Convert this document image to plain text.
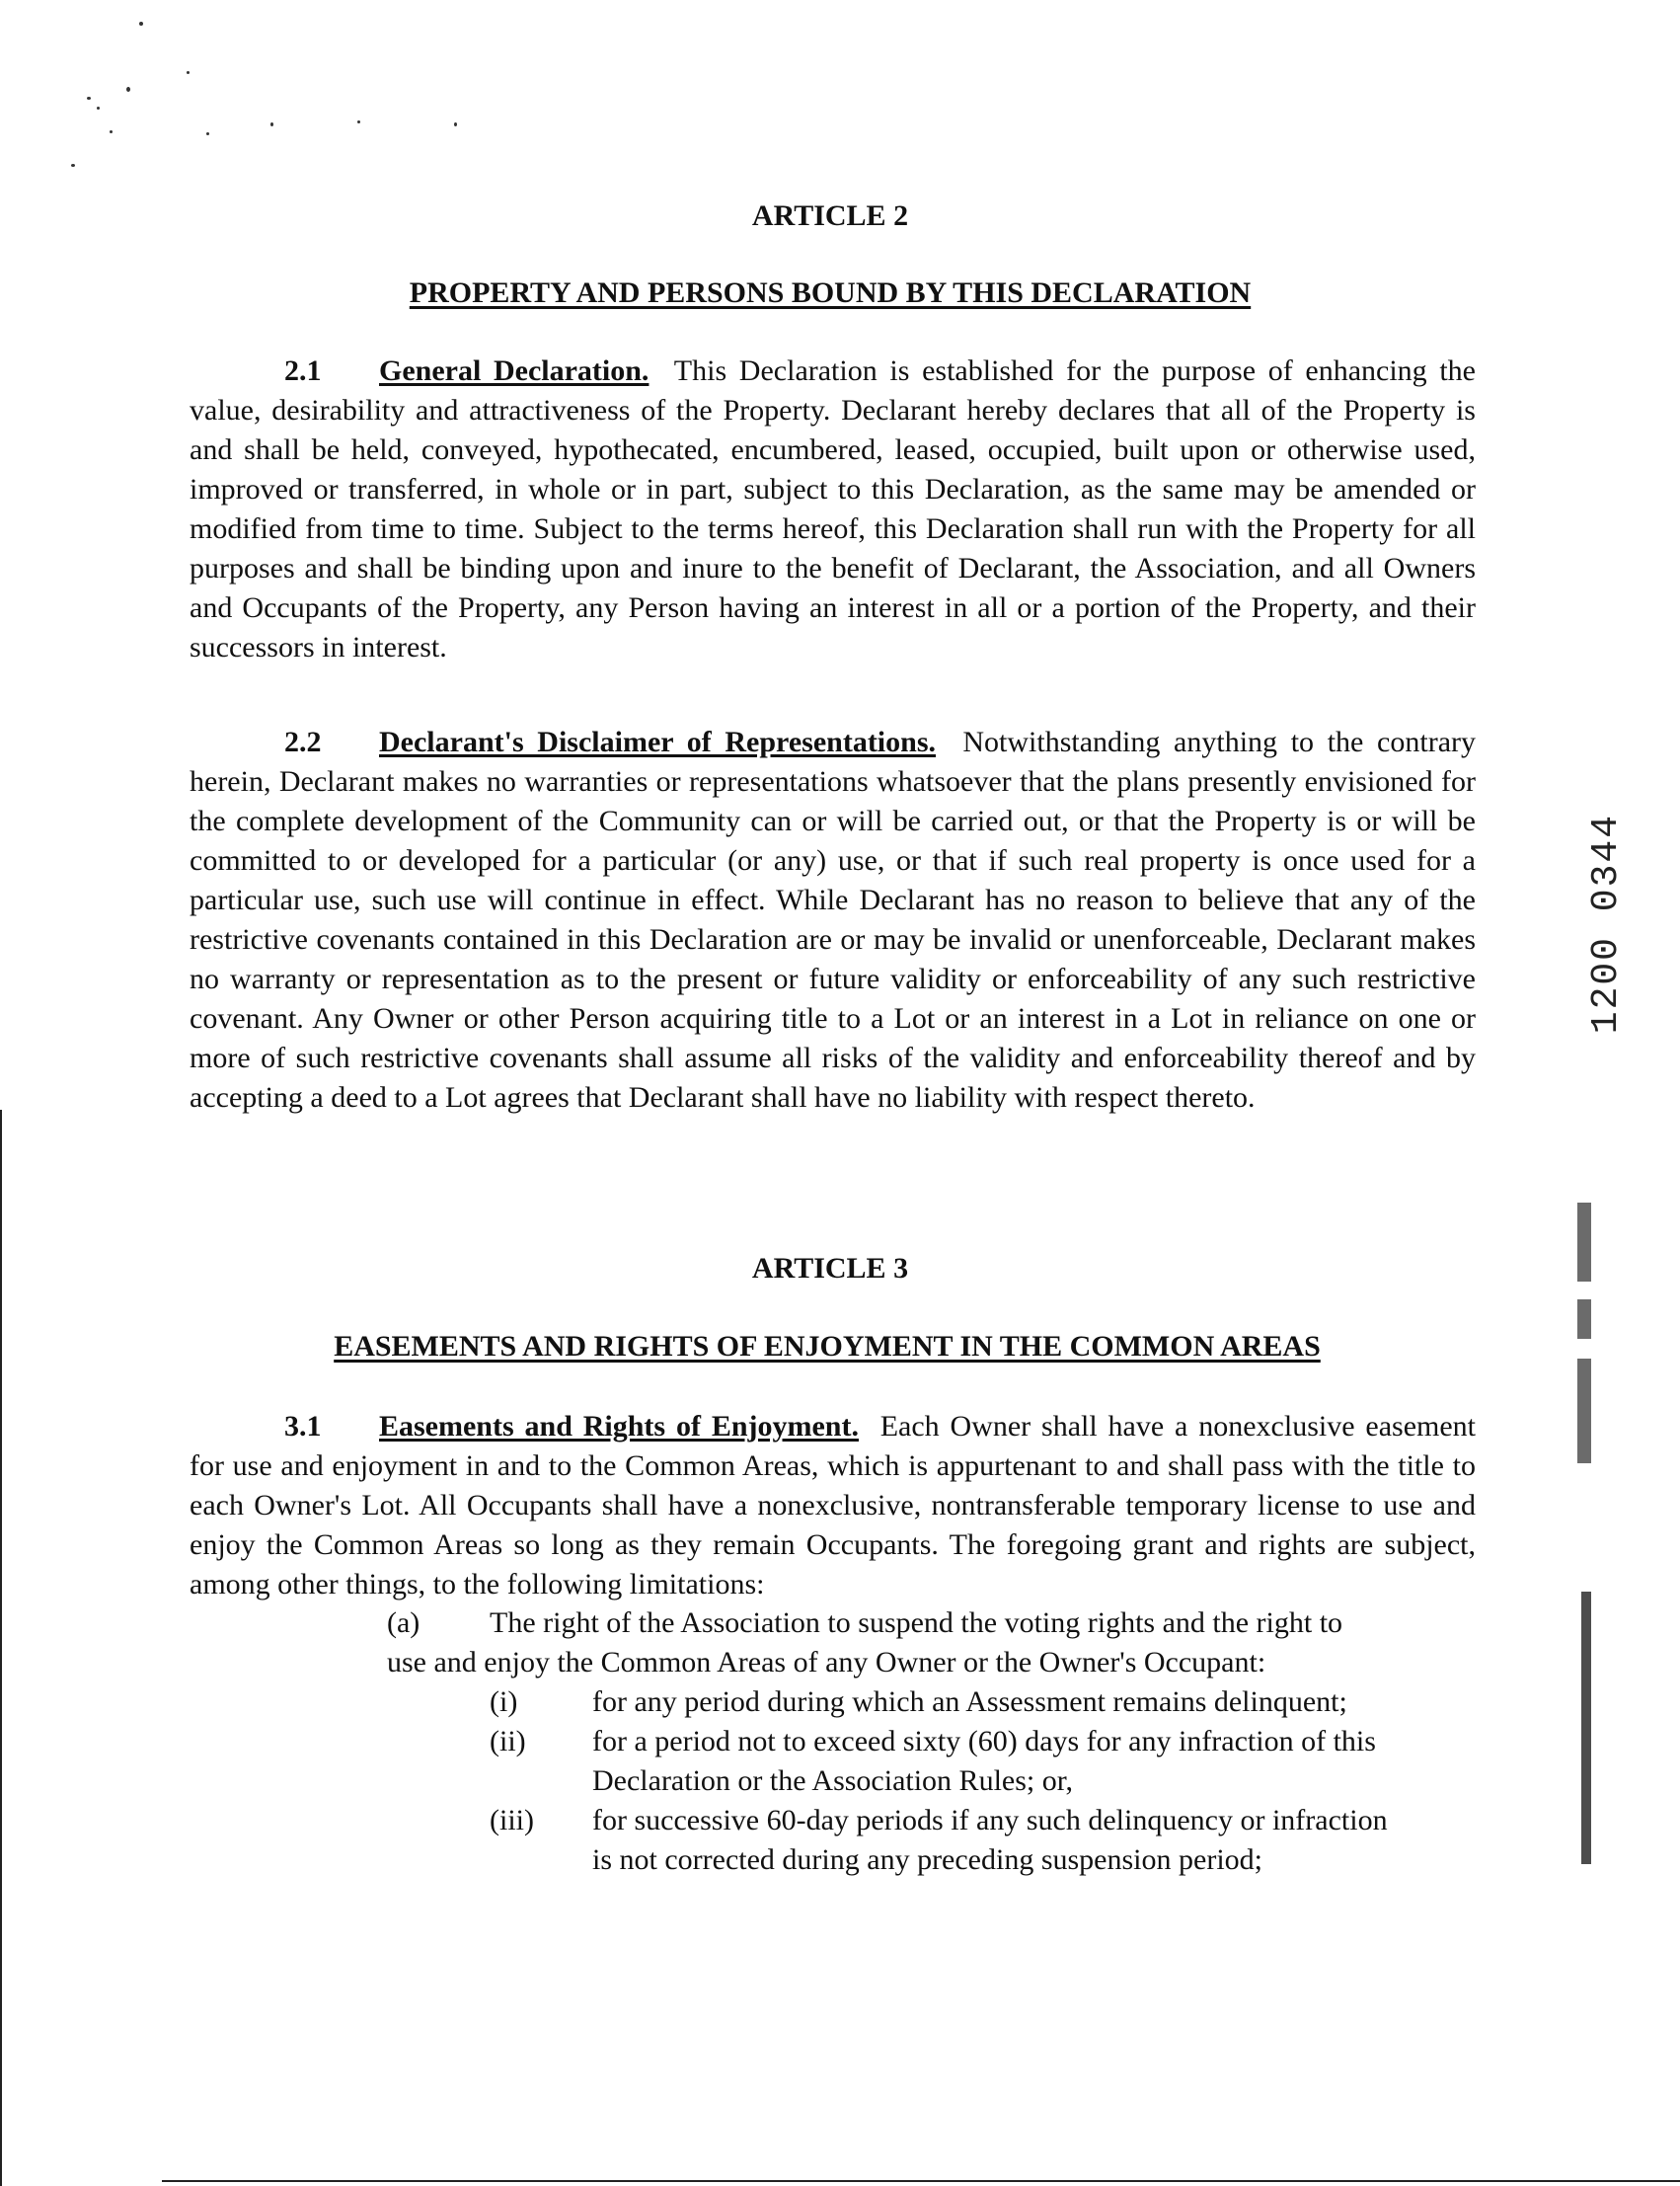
ARTICLE 2
PROPERTY AND PERSONS BOUND BY THIS DECLARATION
2.1 General Declaration. This Declaration is established for the purpose of enhancing the value, desirability and attractiveness of the Property. Declarant hereby declares that all of the Property is and shall be held, conveyed, hypothecated, encumbered, leased, occupied, built upon or otherwise used, improved or transferred, in whole or in part, subject to this Declaration, as the same may be amended or modified from time to time. Subject to the terms hereof, this Declaration shall run with the Property for all purposes and shall be binding upon and inure to the benefit of Declarant, the Association, and all Owners and Occupants of the Property, any Person having an interest in all or a portion of the Property, and their successors in interest.
2.2 Declarant's Disclaimer of Representations. Notwithstanding anything to the contrary herein, Declarant makes no warranties or representations whatsoever that the plans presently envisioned for the complete development of the Community can or will be carried out, or that the Property is or will be committed to or developed for a particular (or any) use, or that if such real property is once used for a particular use, such use will continue in effect. While Declarant has no reason to believe that any of the restrictive covenants contained in this Declaration are or may be invalid or unenforceable, Declarant makes no warranty or representation as to the present or future validity or enforceability of any such restrictive covenant. Any Owner or other Person acquiring title to a Lot or an interest in a Lot in reliance on one or more of such restrictive covenants shall assume all risks of the validity and enforceability thereof and by accepting a deed to a Lot agrees that Declarant shall have no liability with respect thereto.
ARTICLE 3
EASEMENTS AND RIGHTS OF ENJOYMENT IN THE COMMON AREAS
3.1 Easements and Rights of Enjoyment. Each Owner shall have a nonexclusive easement for use and enjoyment in and to the Common Areas, which is appurtenant to and shall pass with the title to each Owner's Lot. All Occupants shall have a nonexclusive, nontransferable temporary license to use and enjoy the Common Areas so long as they remain Occupants. The foregoing grant and rights are subject, among other things, to the following limitations:
(a) The right of the Association to suspend the voting rights and the right to
use and enjoy the Common Areas of any Owner or the Owner's Occupant:
(i)	for any period during which an Assessment remains delinquent;
(ii) for a period not to exceed sixty (60) days for any infraction of this
Declaration or the Association Rules; or,
(iii) for successive 60-day periods if any such delinquency or infraction
is not corrected during any preceding suspension period;
1200 0344
